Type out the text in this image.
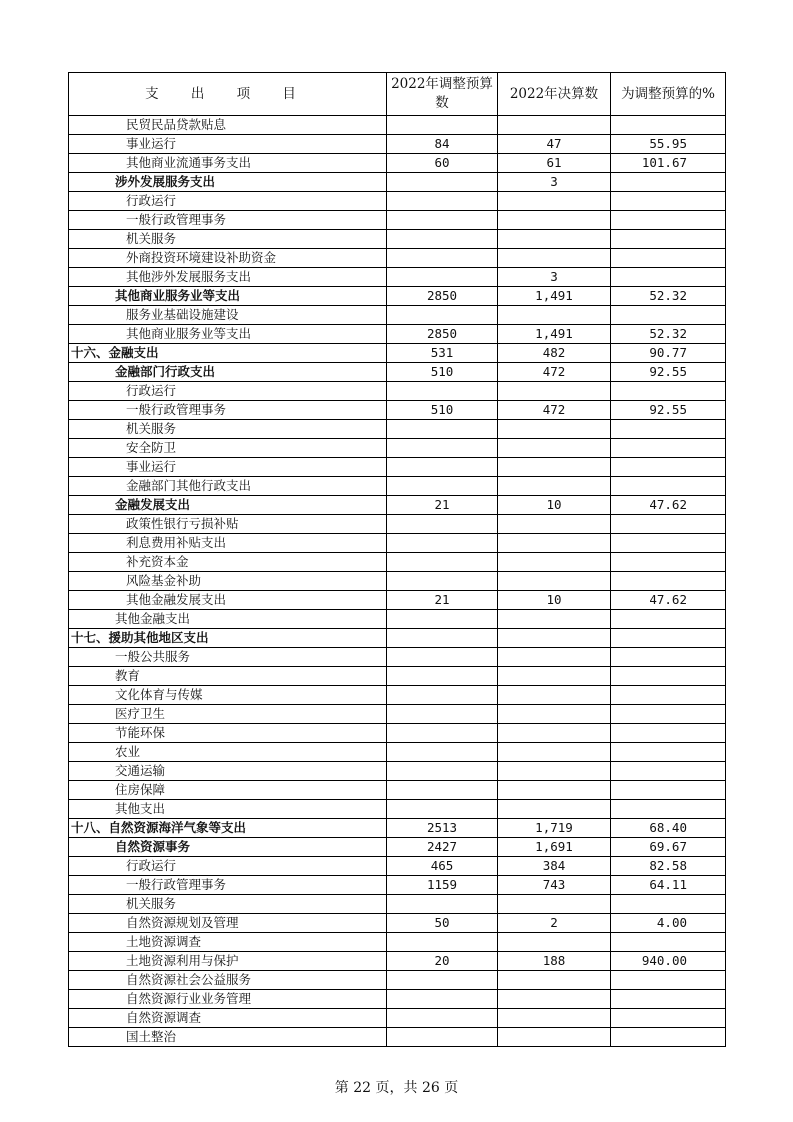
支 出 项 目	2022年调整预算数	2022年决算数	为调整预算的%
民贸民品贷款贴息			
事业运行	84	47	55.95
其他商业流通事务支出	60	61	101.67
涉外发展服务支出		3	
行政运行			
一般行政管理事务			
机关服务			
外商投资环境建设补助资金			
其他涉外发展服务支出		3	
其他商业服务业等支出	2850	1,491	52.32
服务业基础设施建设			
其他商业服务业等支出	2850	1,491	52.32
十六、金融支出	531	482	90.77
金融部门行政支出	510	472	92.55
行政运行			
一般行政管理事务	510	472	92.55
机关服务			
安全防卫			
事业运行			
金融部门其他行政支出			
金融发展支出	21	10	47.62
政策性银行亏损补贴			
利息费用补贴支出			
补充资本金			
风险基金补助			
其他金融发展支出	21	10	47.62
其他金融支出			
十七、援助其他地区支出			
一般公共服务			
教育			
文化体育与传媒			
医疗卫生			
节能环保			
农业			
交通运输			
住房保障			
其他支出			
十八、自然资源海洋气象等支出	2513	1,719	68.40
自然资源事务	2427	1,691	69.67
行政运行	465	384	82.58
一般行政管理事务	1159	743	64.11
机关服务			
自然资源规划及管理	50	2	4.00
土地资源调查			
土地资源利用与保护	20	188	940.00
自然资源社会公益服务			
自然资源行业业务管理			
自然资源调查			
国土整治			
第 22 页，共 26 页
